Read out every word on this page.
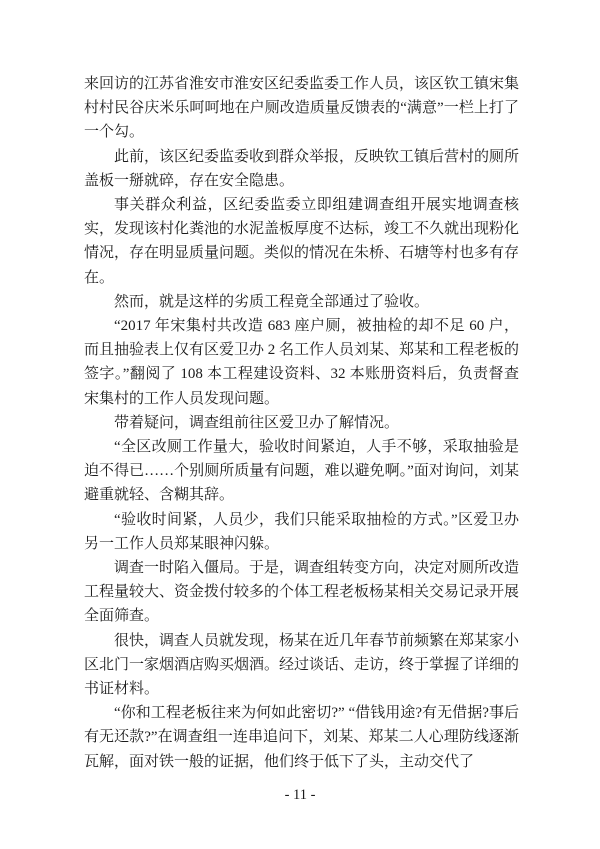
来回访的江苏省淮安市淮安区纪委监委工作人员，该区钦工镇宋集村村民谷庆米乐呵呵地在户厕改造质量反馈表的“满意”一栏上打了一个勾。

此前，该区纪委监委收到群众举报，反映钦工镇后营村的厕所盖板一掰就碎，存在安全隐患。

事关群众利益，区纪委监委立即组建调查组开展实地调查核实，发现该村化粪池的水泥盖板厚度不达标，竣工不久就出现粉化情况，存在明显质量问题。类似的情况在朱桥、石塘等村也多有存在。

然而，就是这样的劣质工程竟全部通过了验收。

“2017 年宋集村共改造 683 座户厕，被抽检的却不足 60 户，而且抽验表上仅有区爱卫办 2 名工作人员刘某、郑某和工程老板的签字。”翻阅了 108 本工程建设资料、32 本账册资料后，负责督查宋集村的工作人员发现问题。

带着疑问，调查组前往区爱卫办了解情况。

“全区改厕工作量大，验收时间紧迫，人手不够，采取抽验是迫不得已……个别厕所质量有问题，难以避免啊。”面对询问，刘某避重就轻、含糊其辞。

“验收时间紧，人员少，我们只能采取抽检的方式。”区爱卫办另一工作人员郑某眼神闪躲。

调查一时陷入僵局。于是，调查组转变方向，决定对厕所改造工程量较大、资金拨付较多的个体工程老板杨某相关交易记录开展全面筛查。

很快，调查人员就发现，杨某在近几年春节前频繁在郑某家小区北门一家烟酒店购买烟酒。经过谈话、走访，终于掌握了详细的书证材料。

“你和工程老板往来为何如此密切?” “借钱用途?有无借据?事后有无还款?”在调查组一连串追问下，刘某、郑某二人心理防线逐渐瓦解，面对铁一般的证据，他们终于低下了头，主动交代了

- 11 -
